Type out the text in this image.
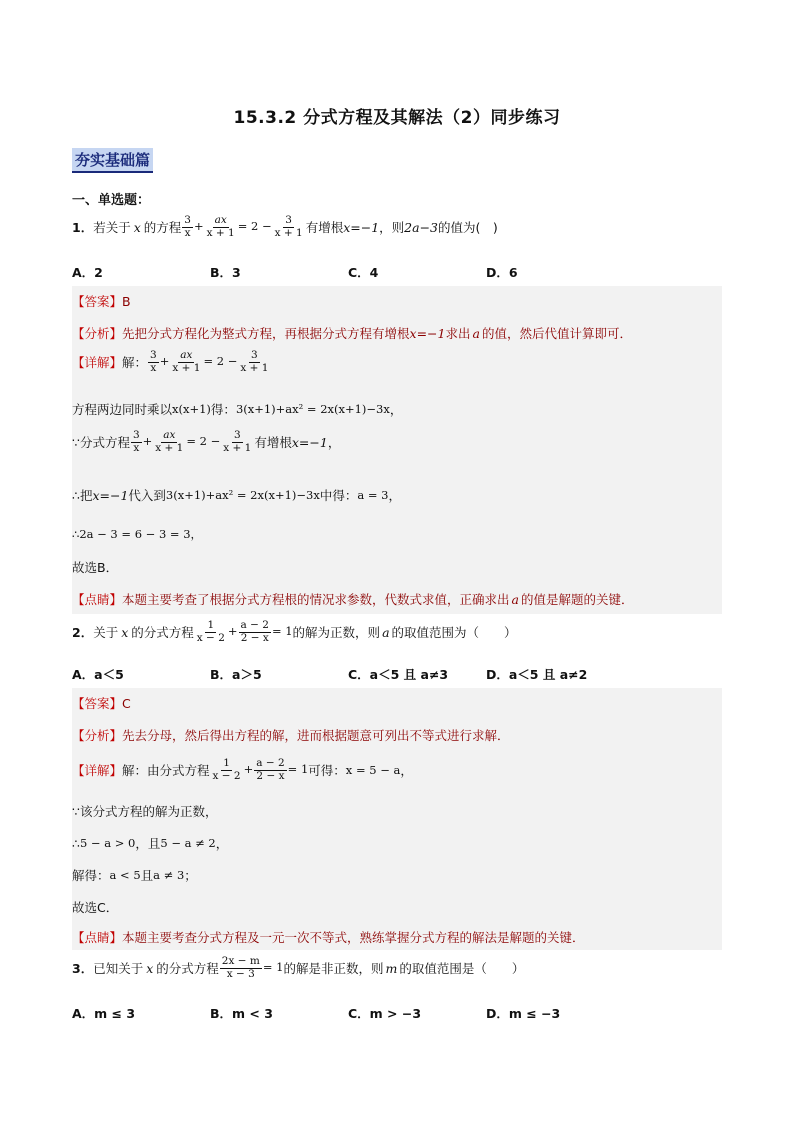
15.3.2 分式方程及其解法（2）同步练习
夯实基础篇
一、单选题：
1． 若关于 x 的方程 $\frac{3}{x} + \frac{ax}{x + 1} = 2 - \frac{3}{x + 1}$ 有增根 x=−1 ，则 2a−3 的值为(　)
A．2	B．3	C．4	D．6
【答案】 B
【分析】 先把分式方程化为整式方程，再根据分式方程有增根 x=−1 求出 a 的值，然后代值计算即可．
【详解】 解： $\frac{3}{x} + \frac{ax}{x + 1} = 2 - \frac{3}{x + 1}$
方程两边同时乘以 x(x+1) 得： 3(x+1)+ax² = 2x(x+1)−3x ，
∵分式方程 $\frac{3}{x} + \frac{ax}{x + 1} = 2 - \frac{3}{x + 1}$ 有增根 x=−1 ，
∴把 x=−1 代入到 3(x+1)+ax² = 2x(x+1)−3x 中得： a = 3 ，
∴2a − 3 = 6 − 3 = 3，
故选B．
【点睛】 本题主要考查了根据分式方程根的情况求参数，代数式求值，正确求出 a 的值是解题的关键．
2． 关于 x 的分式方程 $\frac{1}{x - 2} + \frac{a - 2}{2 - x} = 1$ 的解为正数，则 a 的取值范围为（　　）
A．a＜5	B．a＞5	C．a＜5 且 a≠3	D．a＜5 且 a≠2
【答案】 C
【分析】 先去分母，然后得出方程的解，进而根据题意可列出不等式进行求解．
【详解】 解：由分式方程 $\frac{1}{x - 2} + \frac{a - 2}{2 - x} = 1$ 可得： x = 5 − a ，
∵该分式方程的解为正数，
∴ 5 − a > 0 ，且 5 − a ≠ 2 ，
解得： a < 5 且 a ≠ 3 ；
故选C．
【点睛】 本题主要考查分式方程及一元一次不等式，熟练掌握分式方程的解法是解题的关键．
3． 已知关于 x 的分式方程 $\frac{2x - m}{x - 3} = 1$ 的解是非正数，则 m 的取值范围是（　　）
A．m ≤ 3	B．m < 3	C．m > −3	D．m ≤ −3
